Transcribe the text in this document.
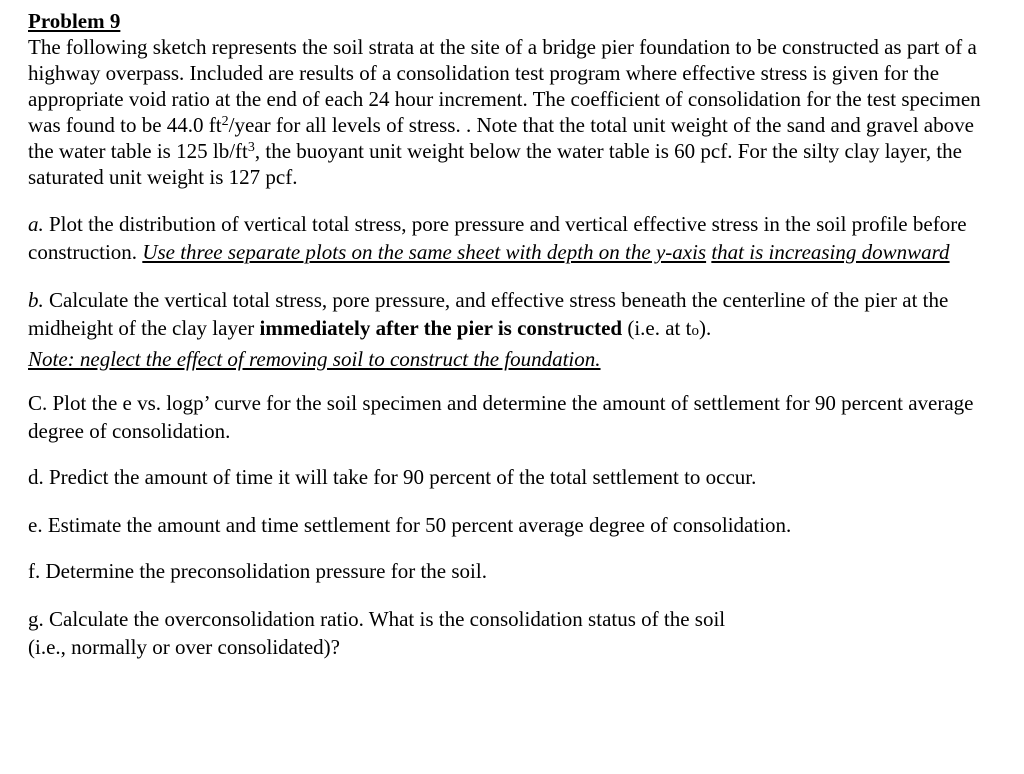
Problem 9

The following sketch represents the soil strata at the site of a bridge pier foundation to be constructed as part of a highway overpass. Included are results of a consolidation test program where effective stress is given for the appropriate void ratio at the end of each 24 hour increment. The coefficient of consolidation for the test specimen was found to be 44.0 $ft^2$/year for all levels of stress. . Note that the total unit weight of the sand and gravel above the water table is 125 $lb/ft^3$, the buoyant unit weight below the water table is 60 pcf. For the silty clay layer, the saturated unit weight is 127 pcf.

a. Plot the distribution of vertical total stress, pore pressure and vertical effective stress in the soil profile before construction. Use three separate plots on the same sheet with depth on the y-axis that is increasing downward

b. Calculate the vertical total stress, pore pressure, and effective stress beneath the centerline of the pier at the midheight of the clay layer immediately after the pier is constructed (i.e. at to).
Note: neglect the effect of removing soil to construct the foundation.

C. Plot the e vs. logp’ curve for the soil specimen and determine the amount of settlement for 90 percent average degree of consolidation.

d. Predict the amount of time it will take for 90 percent of the total settlement to occur.

e. Estimate the amount and time settlement for 50 percent average degree of consolidation.

f. Determine the preconsolidation pressure for the soil.

g. Calculate the overconsolidation ratio. What is the consolidation status of the soil
(i.e., normally or over consolidated)?
